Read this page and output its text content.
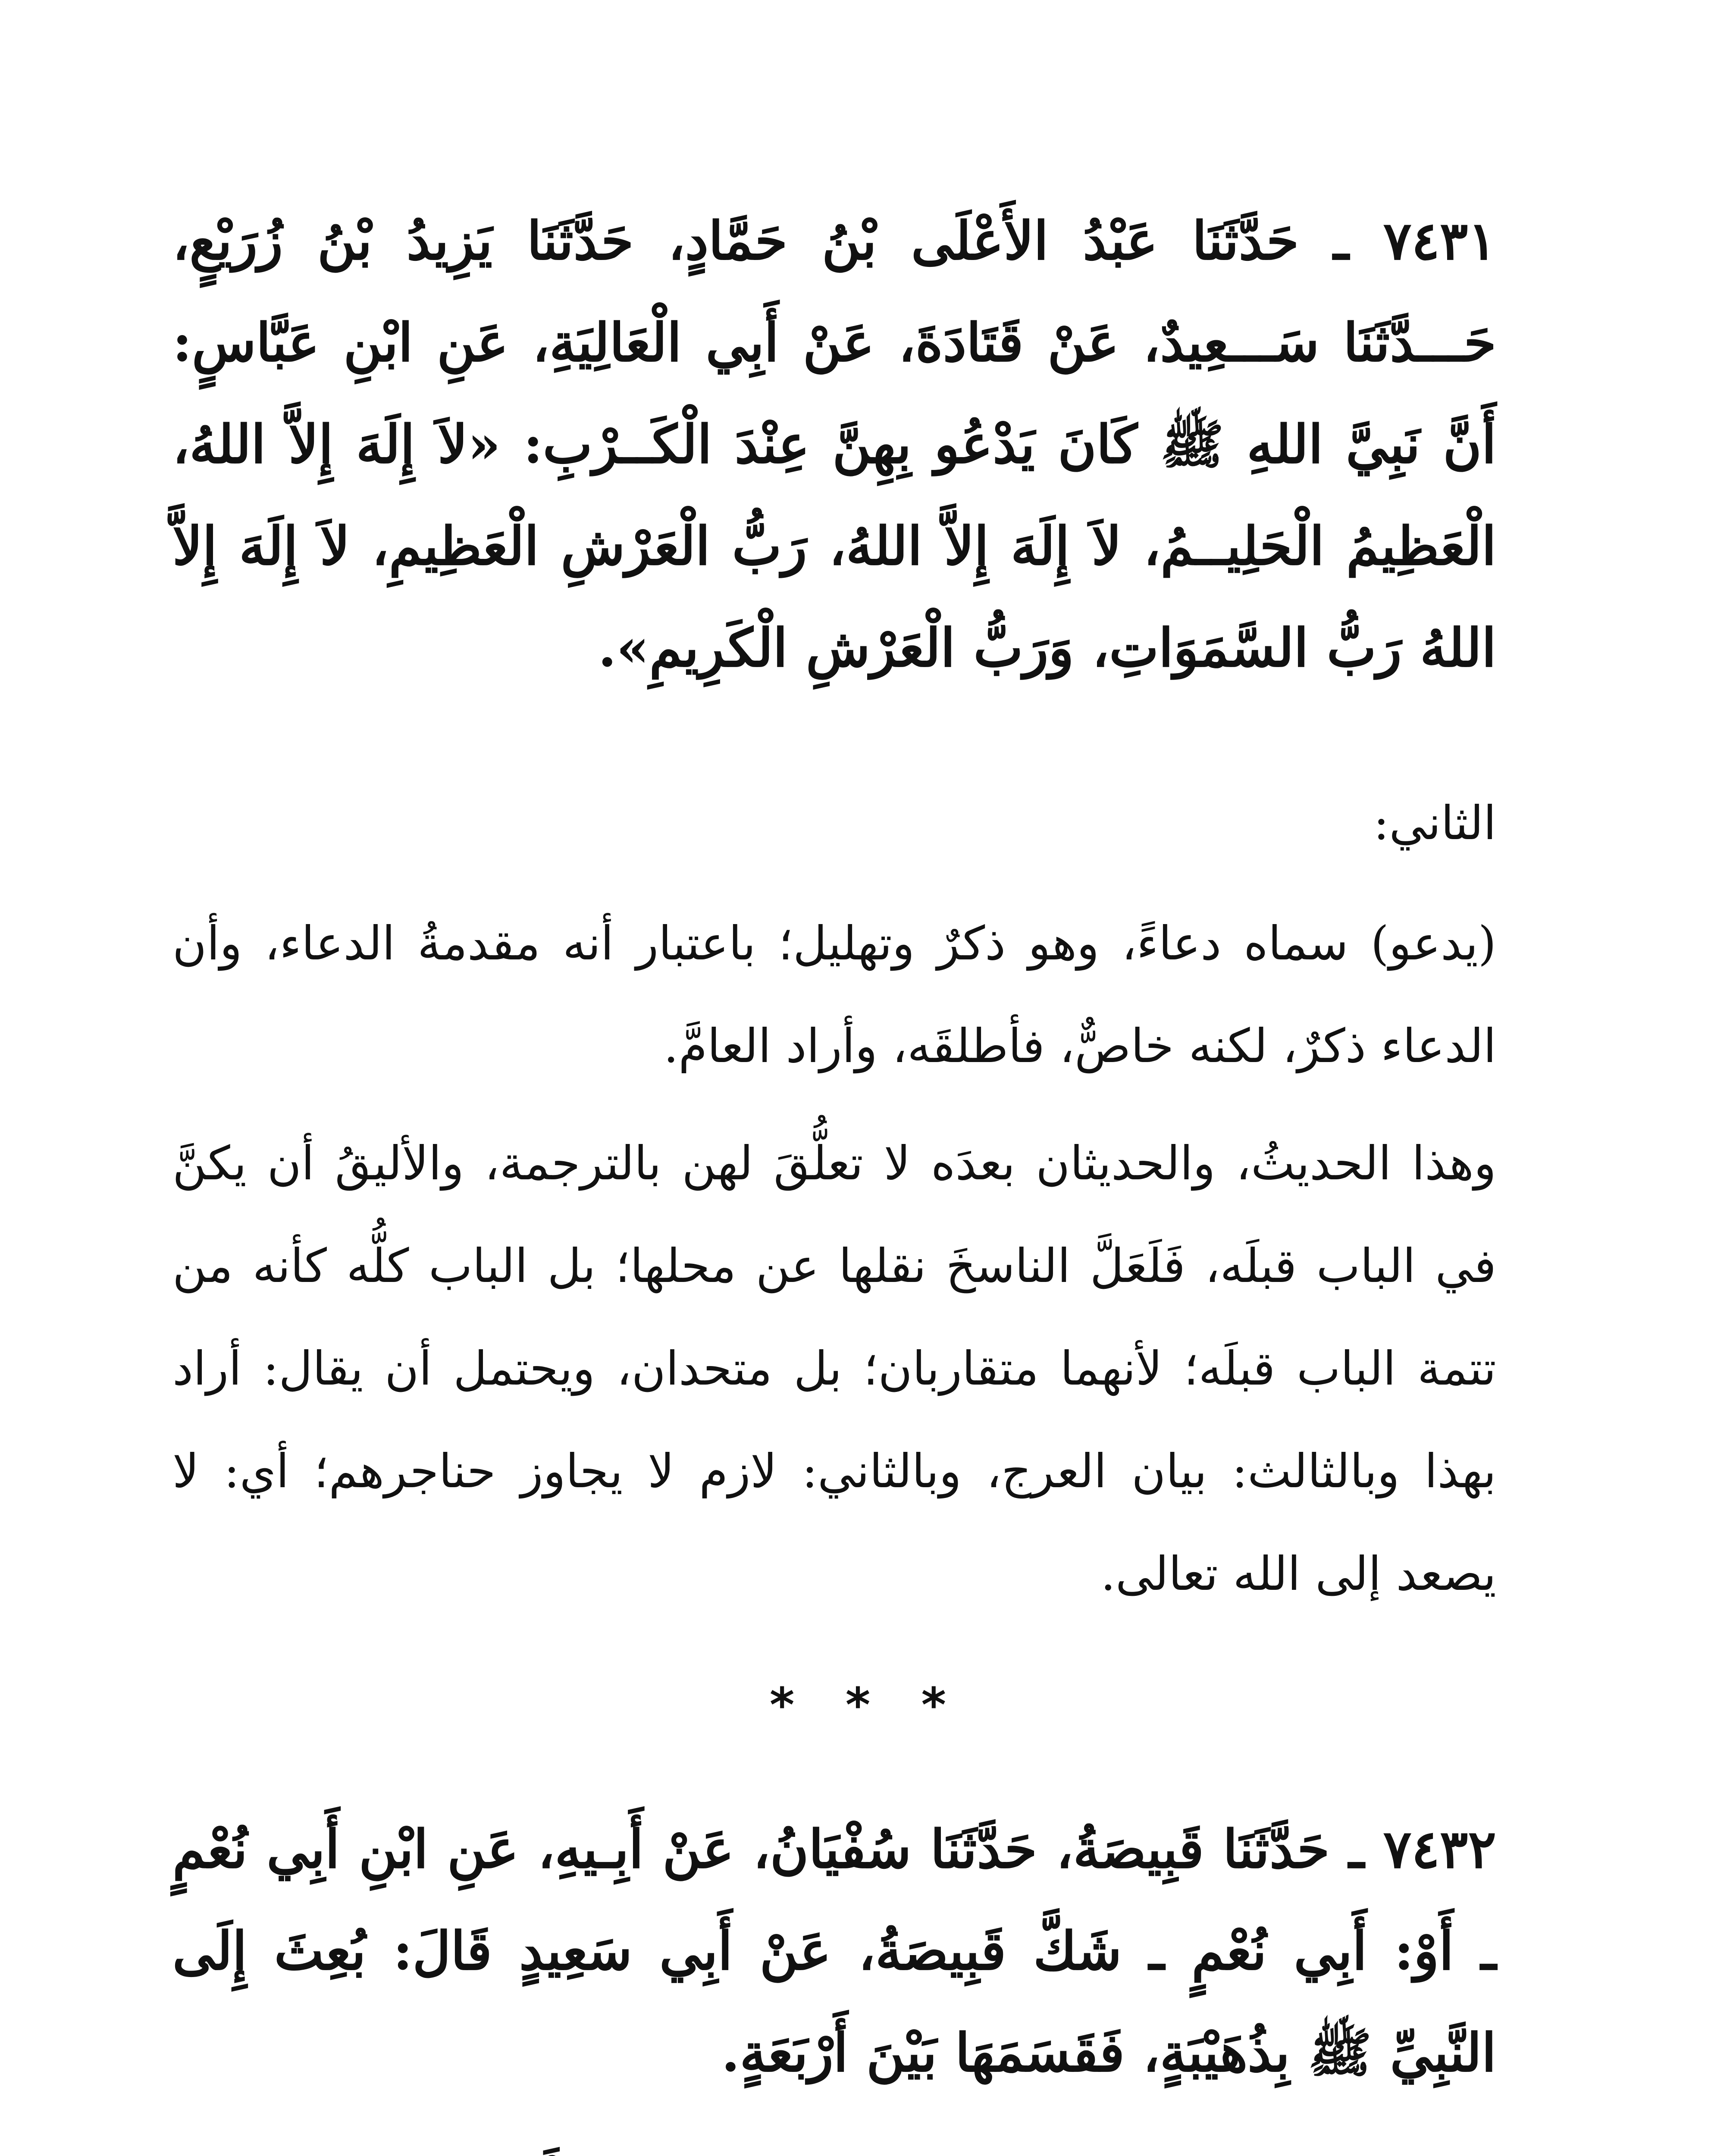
٧٤٣١ ـ حَدَّثَنَا عَبْدُ الأَعْلَى بْنُ حَمَّادٍ، حَدَّثَنَا يَزِيدُ بْنُ زُرَيْعٍ، حَـــدَّثَنَا سَـــعِيدٌ، عَنْ قَتَادَةَ، عَنْ أَبِي الْعَالِيَةِ، عَنِ ابْنِ عَبَّاسٍ: أَنَّ نَبِيَّ اللهِ ﷺ كَانَ يَدْعُو بِهِنَّ عِنْدَ الْكَــرْبِ: «لاَ إِلَهَ إِلاَّ اللهُ، الْعَظِيمُ الْحَلِيــمُ، لاَ إِلَهَ إِلاَّ اللهُ، رَبُّ الْعَرْشِ الْعَظِيمِ، لاَ إِلَهَ إِلاَّ اللهُ رَبُّ السَّمَوَاتِ، وَرَبُّ الْعَرْشِ الْكَرِيمِ».

الثاني:

(يدعو) سماه دعاءً، وهو ذكرٌ وتهليل؛ باعتبار أنه مقدمةُ الدعاء، وأن الدعاء ذكرٌ، لكنه خاصٌّ، فأطلقَه، وأراد العامَّ.

وهذا الحديثُ، والحديثان بعدَه لا تعلُّقَ لهن بالترجمة، والأليقُ أن يكنَّ في الباب قبلَه، فَلَعَلَّ الناسخَ نقلها عن محلها؛ بل الباب كلُّه كأنه من تتمة الباب قبلَه؛ لأنهما متقاربان؛ بل متحدان، ويحتمل أن يقال: أراد بهذا وبالثالث: بيان العرج، وبالثاني: لازم لا يجاوز حناجرهم؛ أي: لا يصعد إلى الله تعالى.

* * *

٧٤٣٢ ـ حَدَّثَنَا قَبِيصَةُ، حَدَّثَنَا سُفْيَانُ، عَنْ أَبِـيهِ، عَنِ ابْنِ أَبِي نُعْمٍ ـ أَوْ: أَبِي نُعْمٍ ـ شَكَّ قَبِيصَةُ، عَنْ أَبِي سَعِيدٍ قَالَ: بُعِثَ إِلَى النَّبِيِّ ﷺ بِذُهَيْبَةٍ، فَقَسَمَهَا بَيْنَ أَرْبَعَةٍ.
